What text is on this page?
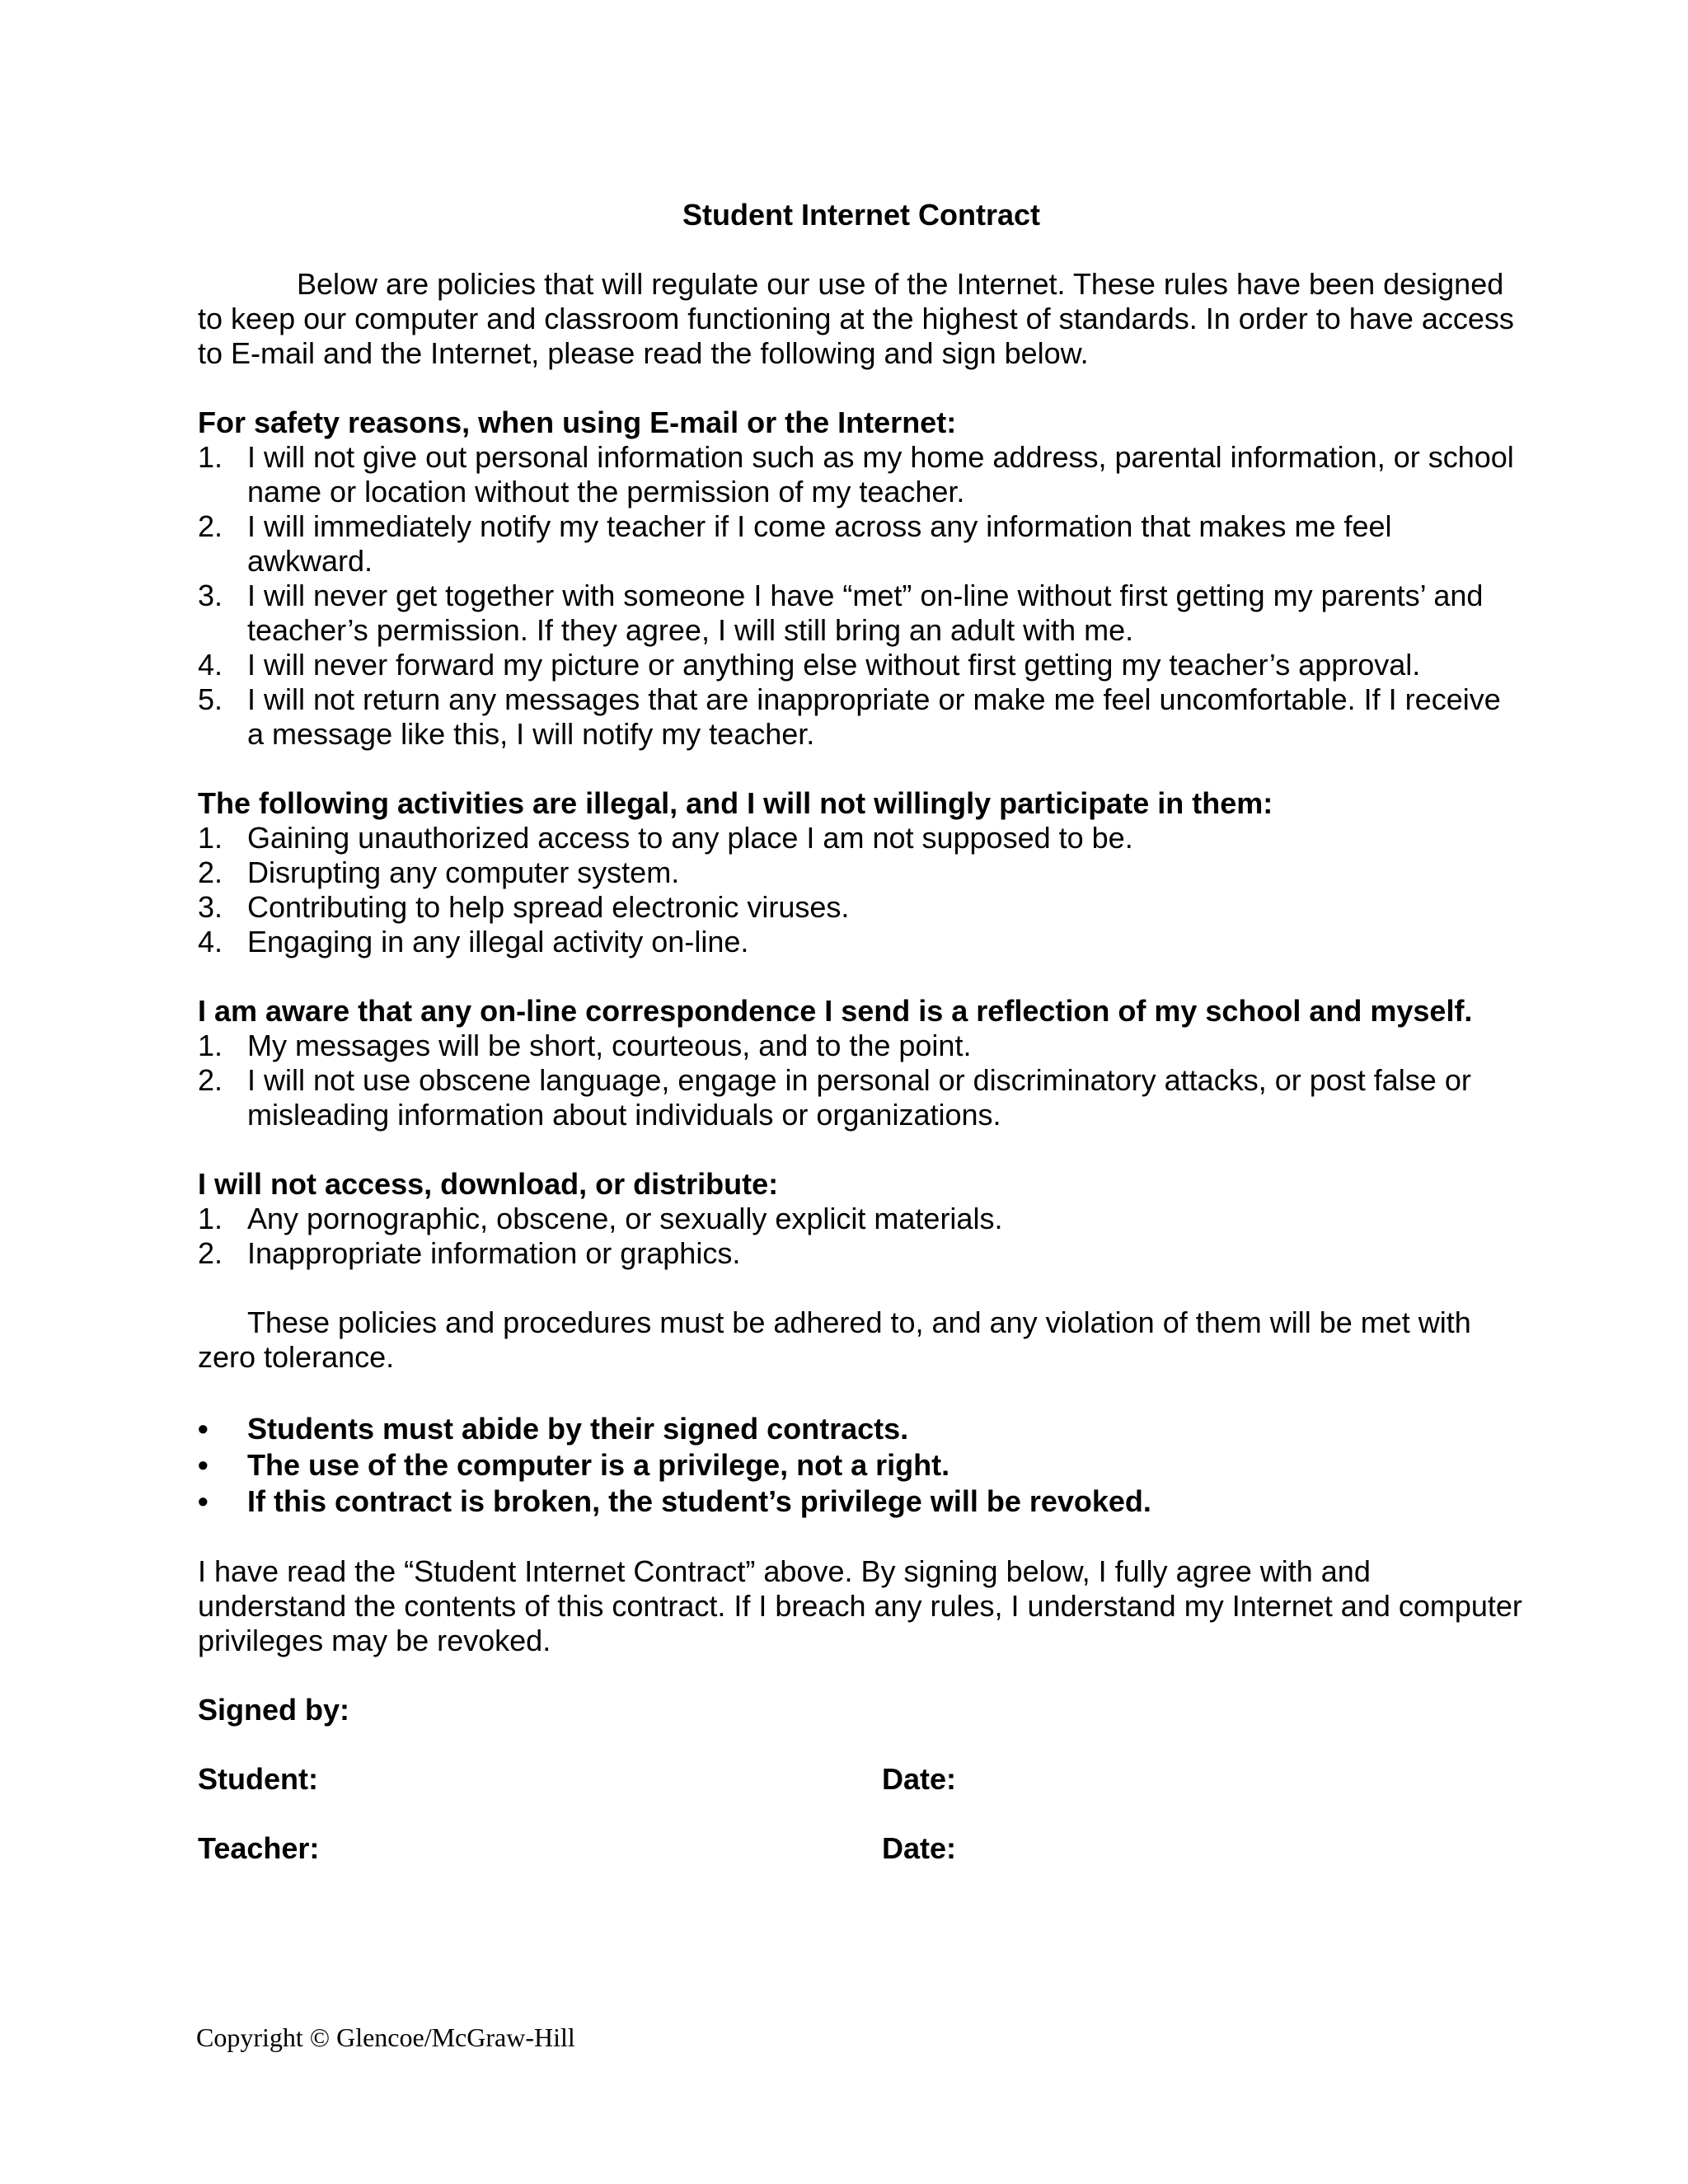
Student Internet Contract

Below are policies that will regulate our use of the Internet. These rules have been designed to keep our computer and classroom functioning at the highest of standards. In order to have access to E-mail and the Internet, please read the following and sign below.

For safety reasons, when using E-mail or the Internet:

1. I will not give out personal information such as my home address, parental information, or school name or location without the permission of my teacher.
2. I will immediately notify my teacher if I come across any information that makes me feel awkward.
3. I will never get together with someone I have “met” on-line without first getting my parents’ and teacher’s permission. If they agree, I will still bring an adult with me.
4. I will never forward my picture or anything else without first getting my teacher’s approval.
5. I will not return any messages that are inappropriate or make me feel uncomfortable. If I receive a message like this, I will notify my teacher.

The following activities are illegal, and I will not willingly participate in them:

1. Gaining unauthorized access to any place I am not supposed to be.
2. Disrupting any computer system.
3. Contributing to help spread electronic viruses.
4. Engaging in any illegal activity on-line.

I am aware that any on-line correspondence I send is a reflection of my school and myself.

1. My messages will be short, courteous, and to the point.
2. I will not use obscene language, engage in personal or discriminatory attacks, or post false or misleading information about individuals or organizations.

I will not access, download, or distribute:

1. Any pornographic, obscene, or sexually explicit materials.
2. Inappropriate information or graphics.

These policies and procedures must be adhered to, and any violation of them will be met with zero tolerance.

•	Students must abide by their signed contracts.
•	The use of the computer is a privilege, not a right.
•	If this contract is broken, the student’s privilege will be revoked.

I have read the “Student Internet Contract” above. By signing below, I fully agree with and understand the contents of this contract. If I breach any rules, I understand my Internet and computer privileges may be revoked.

Signed by:

Student:	Date:
Teacher:	Date:
Copyright © Glencoe/McGraw-Hill
